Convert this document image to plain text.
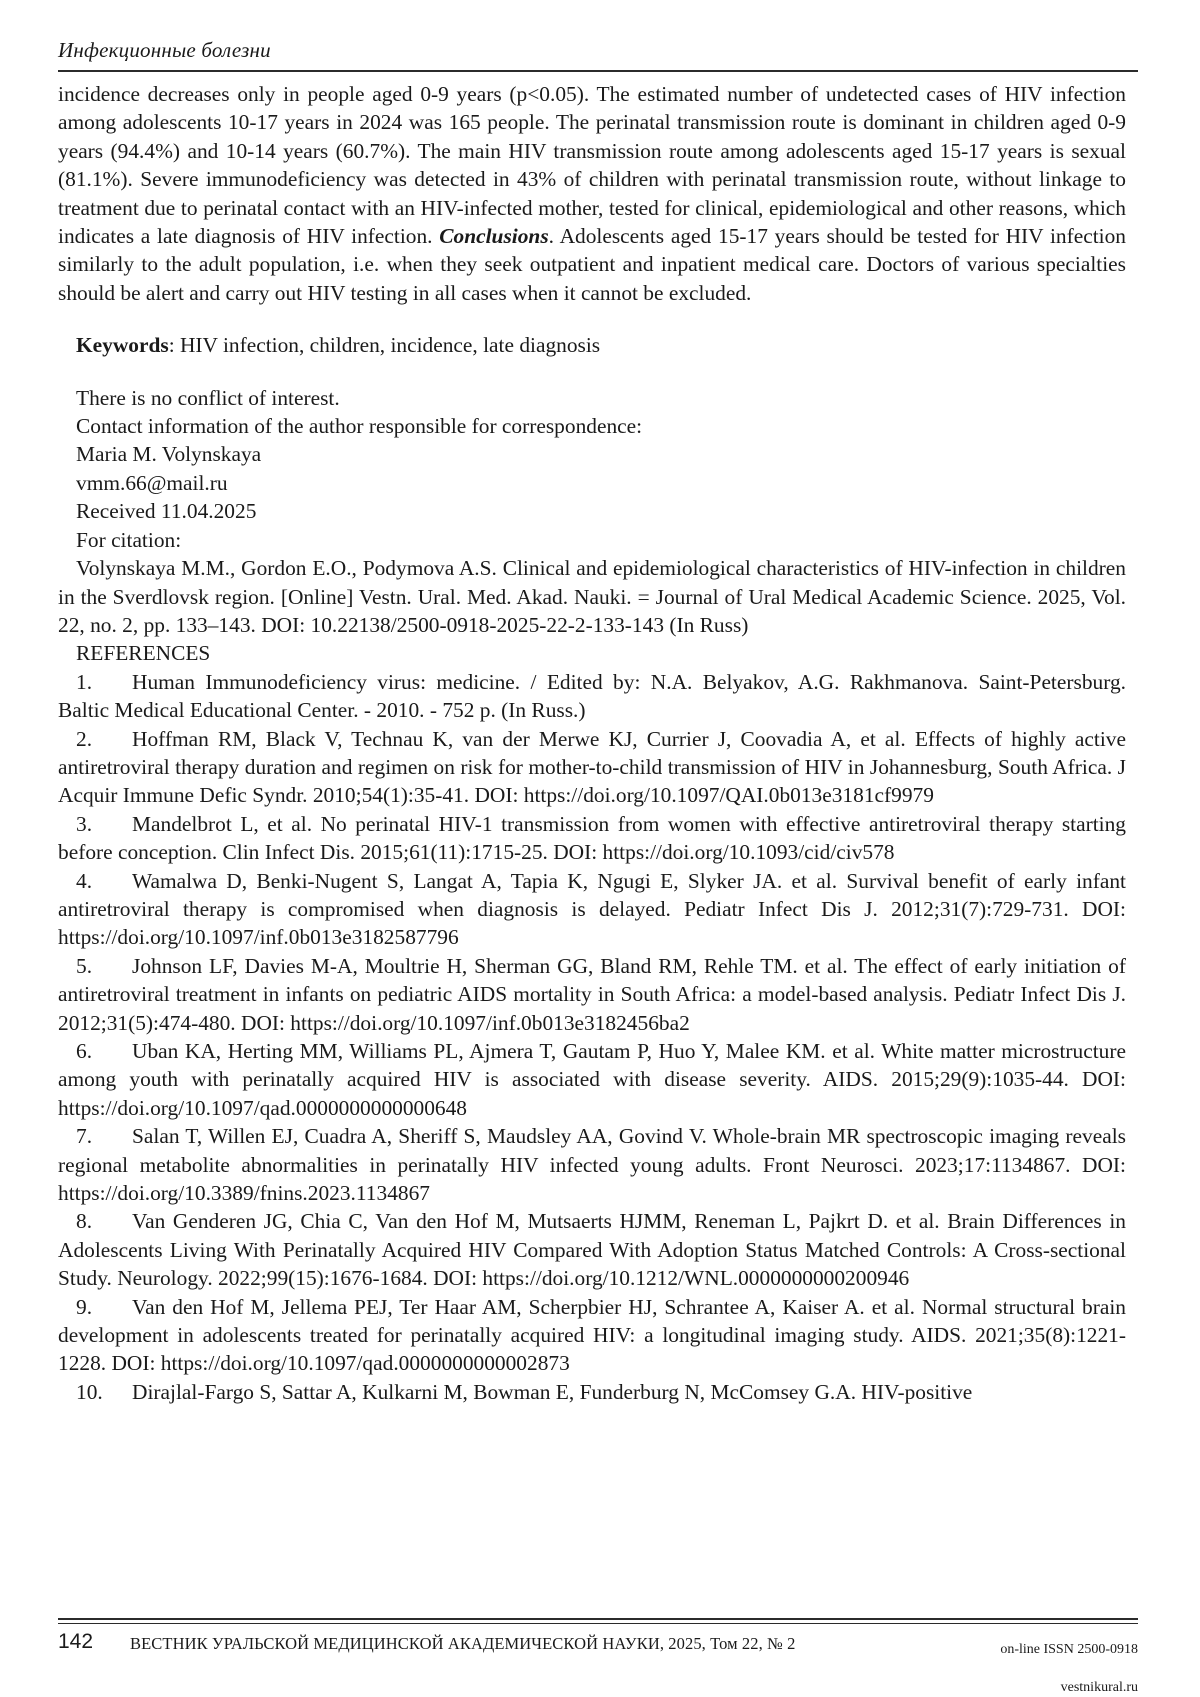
Инфекционные болезни

incidence decreases only in people aged 0-9 years (p<0.05). The estimated number of undetected cases of HIV infection among adolescents 10-17 years in 2024 was 165 people. The perinatal transmission route is dominant in children aged 0-9 years (94.4%) and 10-14 years (60.7%). The main HIV transmission route among adolescents aged 15-17 years is sexual (81.1%). Severe immunodeficiency was detected in 43% of children with perinatal transmission route, without linkage to treatment due to perinatal contact with an HIV-infected mother, tested for clinical, epidemiological and other reasons, which indicates a late diagnosis of HIV infection. Conclusions. Adolescents aged 15-17 years should be tested for HIV infection similarly to the adult population, i.e. when they seek outpatient and inpatient medical care. Doctors of various specialties should be alert and carry out HIV testing in all cases when it cannot be excluded.

Keywords: HIV infection, children, incidence, late diagnosis

There is no conflict of interest.

Contact information of the author responsible for correspondence:

Maria M. Volynskaya

vmm.66@mail.ru

Received 11.04.2025

For citation:

Volynskaya M.M., Gordon E.O., Podymova A.S. Clinical and epidemiological characteristics of HIV-infection in children in the Sverdlovsk region. [Online] Vestn. Ural. Med. Akad. Nauki. = Journal of Ural Medical Academic Science. 2025, Vol. 22, no. 2, pp. 133–143. DOI: 10.22138/2500-0918-2025-22-2-133-143 (In Russ)

REFERENCES

1. Human Immunodeficiency virus: medicine. / Edited by: N.A. Belyakov, A.G. Rakhmanova. Saint-Petersburg. Baltic Medical Educational Center. - 2010. - 752 p. (In Russ.)

2. Hoffman RM, Black V, Technau K, van der Merwe KJ, Currier J, Coovadia A, et al. Effects of highly active antiretroviral therapy duration and regimen on risk for mother-to-child transmission of HIV in Johannesburg, South Africa. J Acquir Immune Defic Syndr. 2010;54(1):35-41. DOI: https://doi.org/10.1097/QAI.0b013e3181cf9979

3. Mandelbrot L, et al. No perinatal HIV-1 transmission from women with effective antiretroviral therapy starting before conception. Clin Infect Dis. 2015;61(11):1715-25. DOI: https://doi.org/10.1093/cid/civ578

4. Wamalwa D, Benki-Nugent S, Langat A, Tapia K, Ngugi E, Slyker JA. et al. Survival benefit of early infant antiretroviral therapy is compromised when diagnosis is delayed. Pediatr Infect Dis J. 2012;31(7):729-731. DOI: https://doi.org/10.1097/inf.0b013e3182587796

5. Johnson LF, Davies M-A, Moultrie H, Sherman GG, Bland RM, Rehle TM. et al. The effect of early initiation of antiretroviral treatment in infants on pediatric AIDS mortality in South Africa: a model-based analysis. Pediatr Infect Dis J. 2012;31(5):474-480. DOI: https://doi.org/10.1097/inf.0b013e3182456ba2

6. Uban KA, Herting MM, Williams PL, Ajmera T, Gautam P, Huo Y, Malee KM. et al. White matter microstructure among youth with perinatally acquired HIV is associated with disease severity. AIDS. 2015;29(9):1035-44. DOI: https://doi.org/10.1097/qad.0000000000000648

7. Salan T, Willen EJ, Cuadra A, Sheriff S, Maudsley AA, Govind V. Whole-brain MR spectroscopic imaging reveals regional metabolite abnormalities in perinatally HIV infected young adults. Front Neurosci. 2023;17:1134867. DOI: https://doi.org/10.3389/fnins.2023.1134867

8. Van Genderen JG, Chia C, Van den Hof M, Mutsaerts HJMM, Reneman L, Pajkrt D. et al. Brain Differences in Adolescents Living With Perinatally Acquired HIV Compared With Adoption Status Matched Controls: A Cross-sectional Study. Neurology. 2022;99(15):1676-1684. DOI: https://doi.org/10.1212/WNL.0000000000200946

9. Van den Hof M, Jellema PEJ, Ter Haar AM, Scherpbier HJ, Schrantee A, Kaiser A. et al. Normal structural brain development in adolescents treated for perinatally acquired HIV: a longitudinal imaging study. AIDS. 2021;35(8):1221-1228. DOI: https://doi.org/10.1097/qad.0000000000002873

10. Dirajlal-Fargo S, Sattar A, Kulkarni M, Bowman E, Funderburg N, McComsey G.A. HIV-positive

142 ВЕСТНИК УРАЛЬСКОЙ МЕДИЦИНСКОЙ АКАДЕМИЧЕСКОЙ НАУКИ, 2025, Том 22, № 2	on-line ISSN 2500-0918
vestnikural.ru
